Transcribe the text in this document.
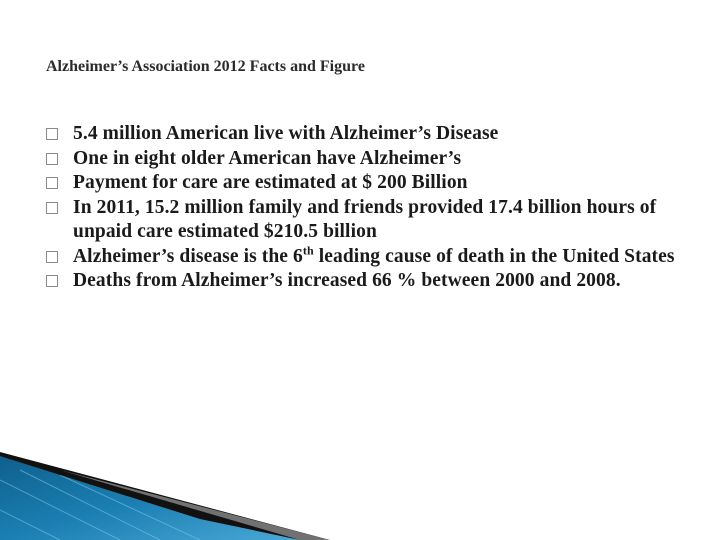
Alzheimer’s Association 2012 Facts and Figure
5.4 million American live with Alzheimer’s Disease
One in eight older American have Alzheimer’s
Payment for care are estimated at $ 200 Billion
In 2011, 15.2 million family and friends provided 17.4 billion hours of unpaid care estimated $210.5 billion
Alzheimer’s disease is the 6th leading cause of death in the United States
Deaths from Alzheimer’s increased 66 % between 2000 and 2008.
